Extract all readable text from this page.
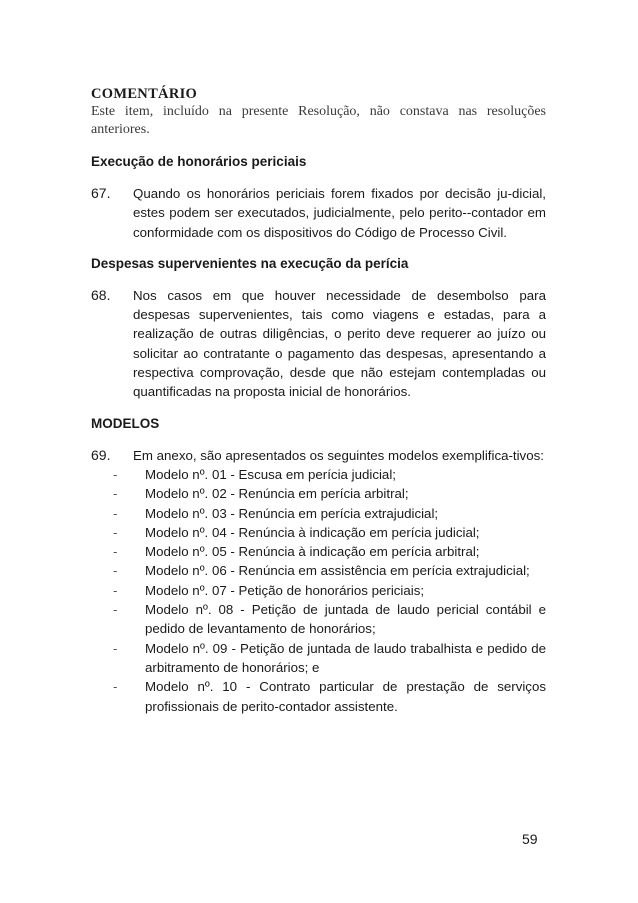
COMENTÁRIO

Este item, incluído na presente Resolução, não constava nas resoluções anteriores.

Execução de honorários periciais
67.	Quando os honorários periciais forem fixados por decisão ju-dicial, estes podem ser executados, judicialmente, pelo perito--contador em conformidade com os dispositivos do Código de Processo Civil.
Despesas supervenientes na execução da perícia
68.	Nos casos em que houver necessidade de desembolso para despesas supervenientes, tais como viagens e estadas, para a realização de outras diligências, o perito deve requerer ao juízo ou solicitar ao contratante o pagamento das despesas, apresentando a respectiva comprovação, desde que não estejam contempladas ou quantificadas na proposta inicial de honorários.
MODELOS
69.	Em anexo, são apresentados os seguintes modelos exemplifica-tivos:
-	Modelo nº. 01 - Escusa em perícia judicial;
-	Modelo nº. 02 - Renúncia em perícia arbitral;
-	Modelo nº. 03 - Renúncia em perícia extrajudicial;
-	Modelo nº. 04 - Renúncia à indicação em perícia judicial;
-	Modelo nº. 05 - Renúncia à indicação em perícia arbitral;
-	Modelo nº. 06 - Renúncia em assistência em perícia extrajudicial;
-	Modelo nº. 07 - Petição de honorários periciais;
-	Modelo nº. 08 - Petição de juntada de laudo pericial contábil e pedido de levantamento de honorários;
-	Modelo nº. 09 - Petição de juntada de laudo trabalhista e pedido de arbitramento de honorários; e
-	Modelo nº. 10 - Contrato particular de prestação de serviços profissionais de perito-contador assistente.
59
